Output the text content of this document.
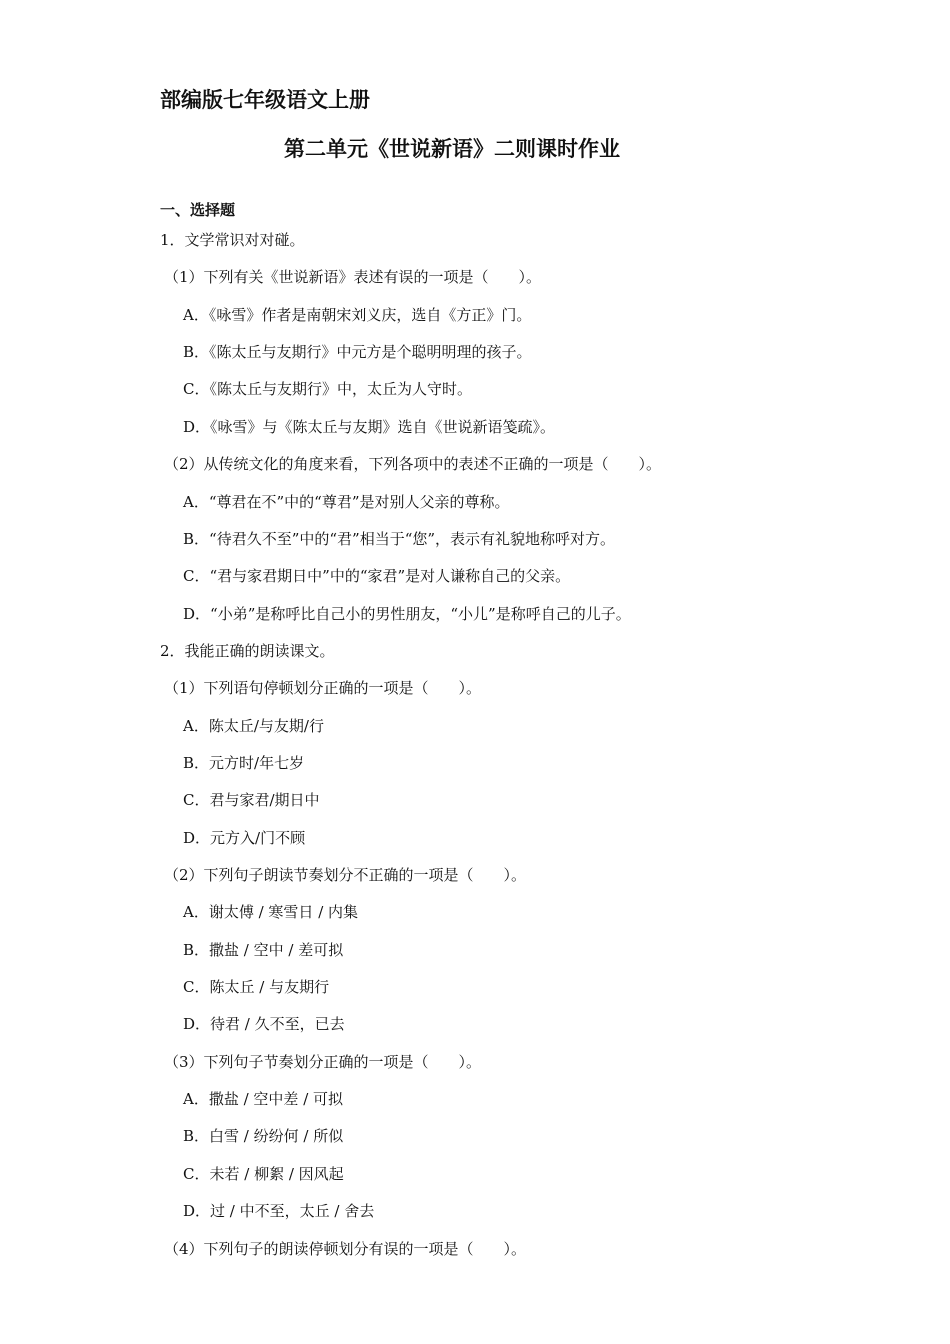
部编版七年级语文上册
第二单元《世说新语》二则课时作业
一、选择题
1．文学常识对对碰。
（1）下列有关《世说新语》表述有误的一项是（　　）。
A．《咏雪》作者是南朝宋刘义庆，选自《方正》门。
B．《陈太丘与友期行》中元方是个聪明明理的孩子。
C．《陈太丘与友期行》中，太丘为人守时。
D．《咏雪》与《陈太丘与友期》选自《世说新语笺疏》。
（2）从传统文化的角度来看，下列各项中的表述不正确的一项是（　　）。
A．“尊君在不”中的“尊君”是对别人父亲的尊称。
B．“待君久不至”中的“君”相当于“您”，表示有礼貌地称呼对方。
C．“君与家君期日中”中的“家君”是对人谦称自己的父亲。
D．“小弟”是称呼比自己小的男性朋友，“小儿”是称呼自己的儿子。
2．我能正确的朗读课文。
（1）下列语句停顿划分正确的一项是（　　）。
A．陈太丘/与友期/行
B．元方时/年七岁
C．君与家君/期日中
D．元方入/门不顾
（2）下列句子朗读节奏划分不正确的一项是（　　）。
A．谢太傅 / 寒雪日 / 内集
B．撒盐 / 空中 / 差可拟
C．陈太丘 / 与友期行
D．待君 / 久不至，已去
（3）下列句子节奏划分正确的一项是（　　）。
A．撒盐 / 空中差 / 可拟
B．白雪 / 纷纷何 / 所似
C．未若 / 柳絮 / 因风起
D．过 / 中不至，太丘 / 舍去
（4）下列句子的朗读停顿划分有误的一项是（　　）。
